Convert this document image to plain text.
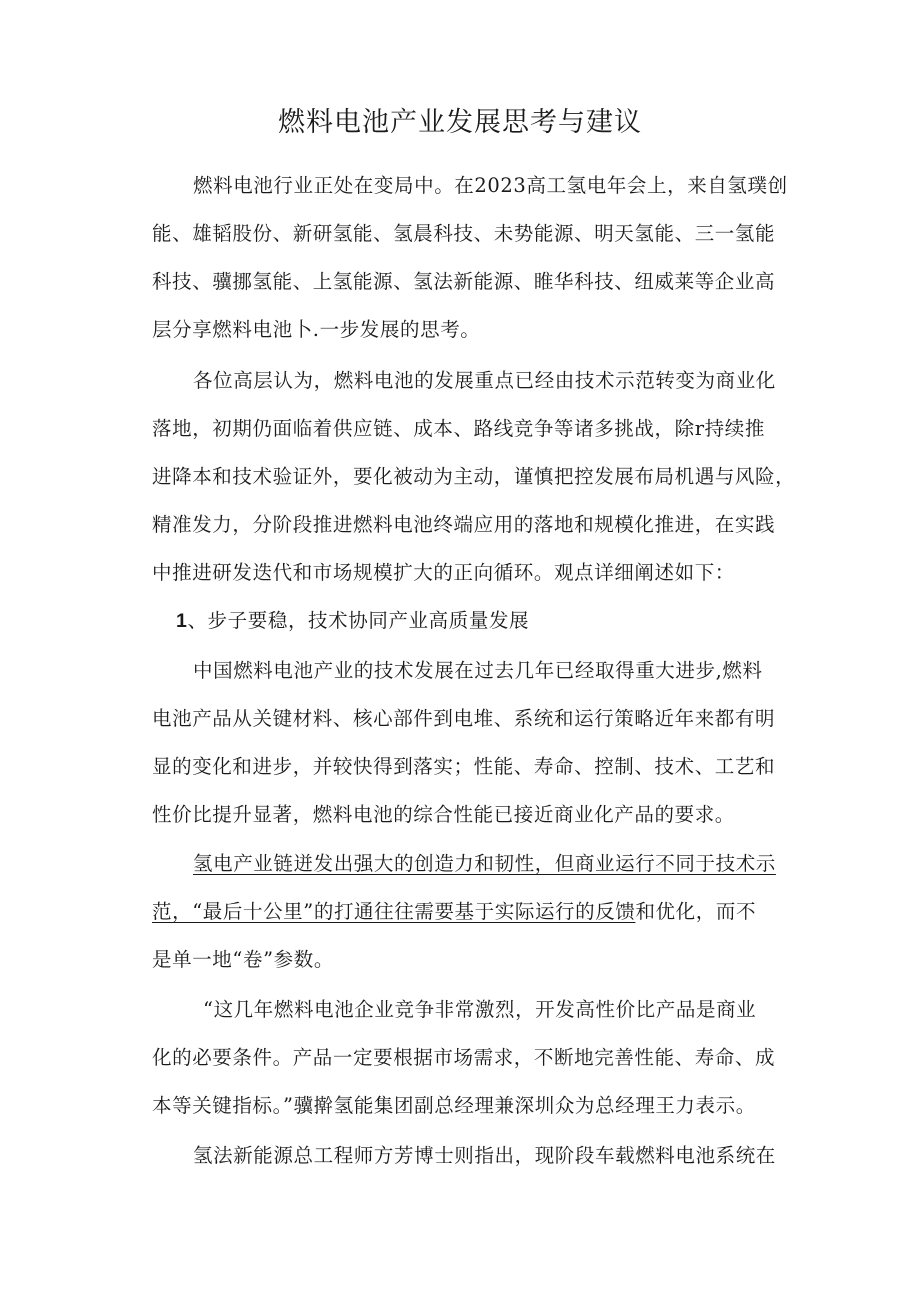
燃料电池产业发展思考与建议
燃料电池行业正处在变局中。在2023高工氢电年会上，来自氢璞创
能、雄韬股份、新研氢能、氢晨科技、未势能源、明天氢能、三一氢能
科技、骥挪氢能、上氢能源、氢法新能源、睢华科技、纽威莱等企业高
层分享燃料电池卜.一步发展的思考。
各位高层认为，燃料电池的发展重点已经由技术示范转变为商业化
落地，初期仍面临着供应链、成本、路线竞争等诸多挑战，除r持续推
进降本和技术验证外，要化被动为主动，谨慎把控发展布局机遇与风险，
精准发力，分阶段推进燃料电池终端应用的落地和规模化推进，在实践
中推进研发迭代和市场规模扩大的正向循环。观点详细阐述如下：
1、步子要稳，技术协同产业高质量发展
中国燃料电池产业的技术发展在过去几年已经取得重大进步,燃料
电池产品从关键材料、核心部件到电堆、系统和运行策略近年来都有明
显的变化和进步，并较快得到落实；性能、寿命、控制、技术、工艺和
性价比提升显著，燃料电池的综合性能已接近商业化产品的要求。
氢电产业链迸发出强大的创造力和韧性，但商业运行不同于技术示
范，“最后十公里”的打通往往需要基于实际运行的反馈和优化，而不
是单一地“卷”参数。
“这几年燃料电池企业竞争非常激烈，开发高性价比产品是商业
化的必要条件。产品一定要根据市场需求，不断地完善性能、寿命、成
本等关键指标。”骥擀氢能集团副总经理兼深圳众为总经理王力表示。
氢法新能源总工程师方芳博士则指出，现阶段车载燃料电池系统在
